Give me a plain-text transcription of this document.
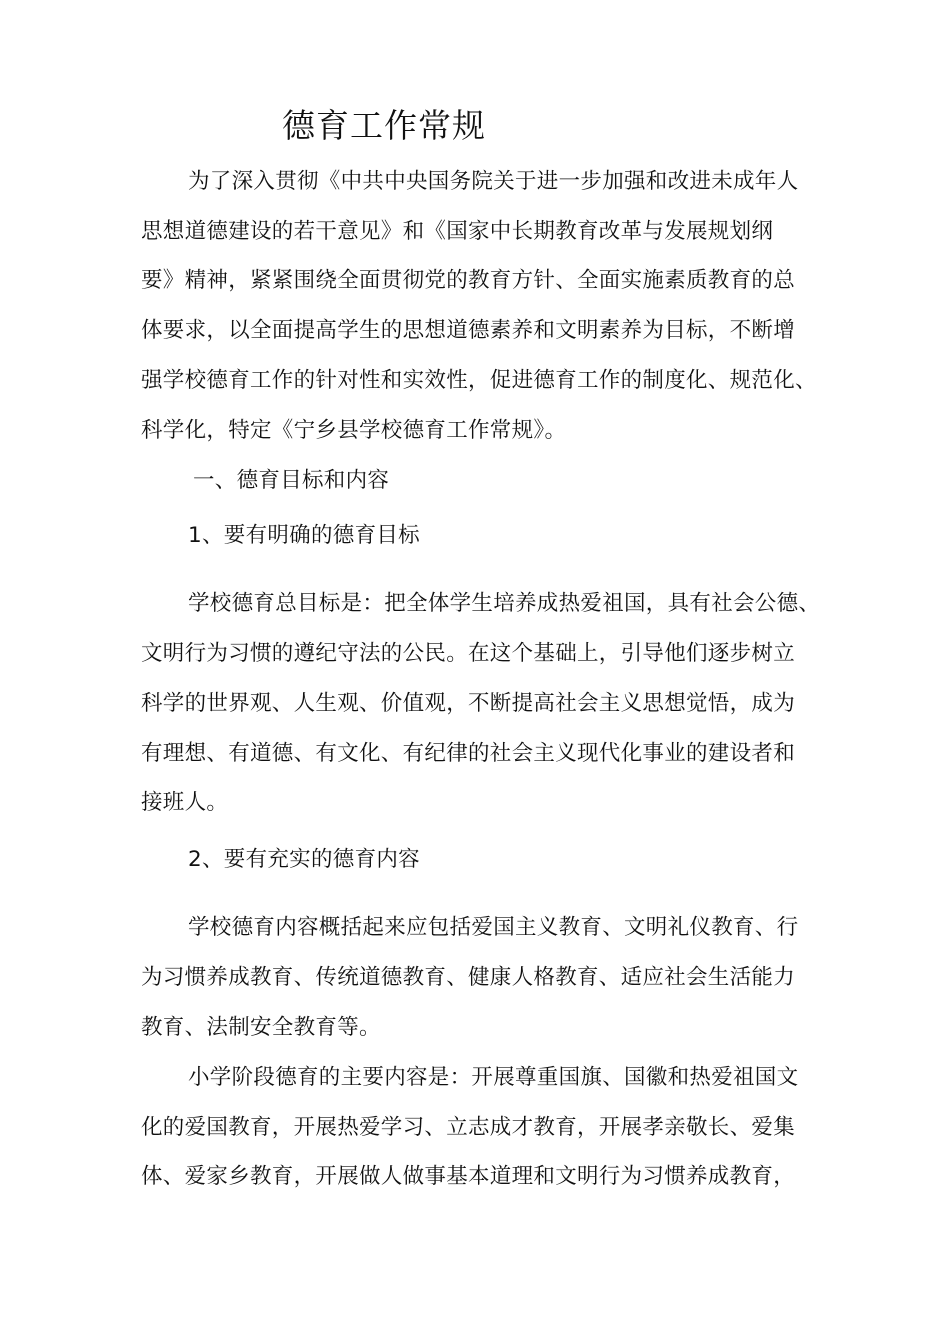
德育工作常规
为了深入贯彻《中共中央国务院关于进一步加强和改进未成年人
思想道德建设的若干意见》和《国家中长期教育改革与发展规划纲
要》精神，紧紧围绕全面贯彻党的教育方针、全面实施素质教育的总
体要求，以全面提高学生的思想道德素养和文明素养为目标，不断增
强学校德育工作的针对性和实效性，促进德育工作的制度化、规范化、
科学化，特定《宁乡县学校德育工作常规》。
一、德育目标和内容
1、要有明确的德育目标
学校德育总目标是：把全体学生培养成热爱祖国，具有社会公德、
文明行为习惯的遵纪守法的公民。在这个基础上，引导他们逐步树立
科学的世界观、人生观、价值观，不断提高社会主义思想觉悟，成为
有理想、有道德、有文化、有纪律的社会主义现代化事业的建设者和
接班人。
2、要有充实的德育内容
学校德育内容概括起来应包括爱国主义教育、文明礼仪教育、行
为习惯养成教育、传统道德教育、健康人格教育、适应社会生活能力
教育、法制安全教育等。
小学阶段德育的主要内容是：开展尊重国旗、国徽和热爱祖国文
化的爱国教育，开展热爱学习、立志成才教育，开展孝亲敬长、爱集
体、爱家乡教育，开展做人做事基本道理和文明行为习惯养成教育，
